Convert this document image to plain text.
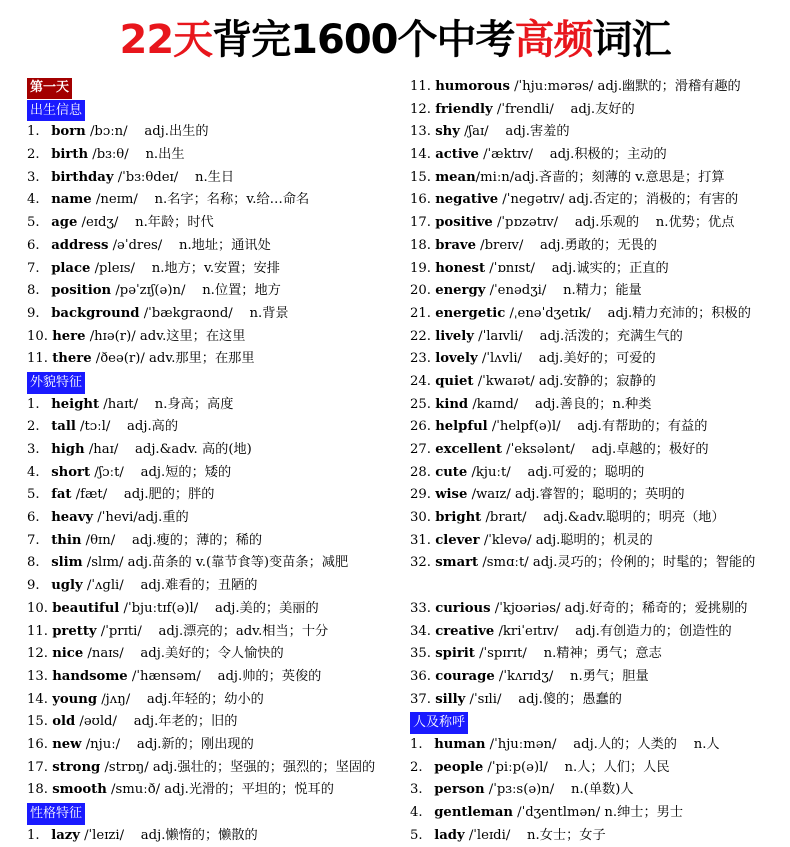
22天背完1600个中考高频词汇
第一天
出生信息
1. born /bɔːn/    adj.出生的
2. birth /bɜːθ/    n.出生
3. birthday /ˈbɜːθdeɪ/    n.生日
4. name /neɪm/    n.名字；名称；v.给…命名
5. age /eɪdʒ/    n.年龄；时代
6. address /əˈdres/    n.地址；通讯处
7. place /pleɪs/    n.地方；v.安置；安排
8. position /pəˈzɪʃ(ə)n/    n.位置；地方
9. background /ˈbækɡraʊnd/    n.背景
10. here /hɪə(r)/ adv.这里；在这里
11. there /ðeə(r)/ adv.那里；在那里
外貌特征
1. height /haɪt/    n.身高；高度
2. tall /tɔːl/    adj.高的
3. high /haɪ/    adj.&adv. 高的(地)
4. short /ʃɔːt/    adj.短的；矮的
5. fat /fæt/    adj.肥的；胖的
6. heavy /ˈhevi/adj.重的
7. thin /θɪn/    adj.瘦的；薄的；稀的
8. slim /slɪm/ adj.苗条的 v.(靠节食等)变苗条；减肥
9. ugly /ˈʌɡli/    adj.难看的；丑陋的
10. beautiful /ˈbjuːtɪf(ə)l/    adj.美的；美丽的
11. pretty /ˈprɪti/    adj.漂亮的；adv.相当；十分
12. nice /naɪs/    adj.美好的；令人愉快的
13. handsome /ˈhænsəm/    adj.帅的；英俊的
14. young /jʌŋ/    adj.年轻的；幼小的
15. old /əʊld/    adj.年老的；旧的
16. new /njuː/    adj.新的；刚出现的
17. strong /strɒŋ/ adj.强壮的；坚强的；强烈的；坚固的
18. smooth /smuːð/ adj.光滑的；平坦的；悦耳的
性格特征
1. lazy /ˈleɪzi/    adj.懒惰的；懒散的
11. humorous /ˈhjuːmərəs/ adj.幽默的；滑稽有趣的
12. friendly /ˈfrendli/    adj.友好的
13. shy /ʃaɪ/    adj.害羞的
14. active /ˈæktɪv/    adj.积极的；主动的
15. mean/miːn/adj.吝啬的；刻薄的 v.意思是；打算
16. negative /ˈneɡətɪv/ adj.否定的；消极的；有害的
17. positive /ˈpɒzətɪv/    adj.乐观的    n.优势；优点
18. brave /breɪv/    adj.勇敢的；无畏的
19. honest /ˈɒnɪst/    adj.诚实的；正直的
20. energy /ˈenədʒi/    n.精力；能量
21. energetic /ˌenəˈdʒetɪk/    adj.精力充沛的；积极的
22. lively /ˈlaɪvli/    adj.活泼的；充满生气的
23. lovely /ˈlʌvli/    adj.美好的；可爱的
24. quiet /ˈkwaɪət/ adj.安静的；寂静的
25. kind /kaɪnd/    adj.善良的；n.种类
26. helpful /ˈhelpf(ə)l/    adj.有帮助的；有益的
27. excellent /ˈeksələnt/    adj.卓越的；极好的
28. cute /kjuːt/    adj.可爱的；聪明的
29. wise /waɪz/ adj.睿智的；聪明的；英明的
30. bright /braɪt/    adj.&adv.聪明的；明亮（地）
31. clever /ˈklevə/ adj.聪明的；机灵的
32. smart /smɑːt/ adj.灵巧的；伶俐的；时髦的；智能的
33. curious /ˈkjʊəriəs/ adj.好奇的；稀奇的；爱挑剔的
34. creative /kriˈeɪtɪv/    adj.有创造力的；创造性的
35. spirit /ˈspɪrɪt/    n.精神；勇气；意志
36. courage /ˈkʌrɪdʒ/    n.勇气；胆量
37. silly /ˈsɪli/    adj.傻的；愚蠢的
人及称呼
1. human /ˈhjuːmən/    adj.人的；人类的    n.人
2. people /ˈpiːp(ə)l/    n.人；人们；人民
3. person /ˈpɜːs(ə)n/    n.(单数)人
4. gentleman /ˈdʒentlmən/ n.绅士；男士
5. lady /ˈleɪdi/    n.女士；女子
